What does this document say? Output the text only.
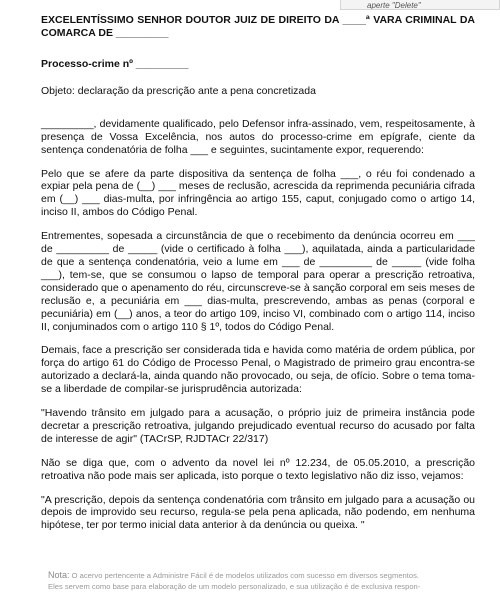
aperte "Delete"

EXCELENTÍSSIMO SENHOR DOUTOR JUIZ DE DIREITO DA ____ª VARA CRIMINAL DA COMARCA DE _________

Processo-crime nº _________

Objeto: declaração da prescrição ante a pena concretizada

_________, devidamente qualificado, pelo Defensor infra-assinado, vem, respeitosamente, à presença de Vossa Excelência, nos autos do processo-crime em epígrafe, ciente da sentença condenatória de folha ___ e seguintes, sucintamente expor, requerendo:

Pelo que se afere da parte dispositiva da sentença de folha ___, o réu foi condenado a expiar pela pena de (__) ___ meses de reclusão, acrescida da reprimenda pecuniária cifrada em (__) ___ dias-multa, por infringência ao artigo 155, caput, conjugado como o artigo 14, inciso II, ambos do Código Penal.

Entrementes, sopesada a circunstância de que o recebimento da denúncia ocorreu em ___ de _________ de _____ (vide o certificado à folha ___), aquilatada, ainda a particularidade de que a sentença condenatória, veio a lume em ___ de _________ de _____ (vide folha ___), tem-se, que se consumou o lapso de temporal para operar a prescrição retroativa, considerado que o apenamento do réu, circunscreve-se à sanção corporal em seis meses de reclusão e, a pecuniária em ___ dias-multa, prescrevendo, ambas as penas (corporal e pecuniária) em (__) anos, a teor do artigo 109, inciso VI, combinado com o artigo 114, inciso II, conjuminados com o artigo 110 § 1º, todos do Código Penal.

Demais, face a prescrição ser considerada tida e havida como matéria de ordem pública, por força do artigo 61 do Código de Processo Penal, o Magistrado de primeiro grau encontra-se autorizado a declará-la, ainda quando não provocado, ou seja, de ofício. Sobre o tema toma-se a liberdade de compilar-se jurisprudência autorizada:

"Havendo trânsito em julgado para a acusação, o próprio juiz de primeira instância pode decretar a prescrição retroativa, julgando prejudicado eventual recurso do acusado por falta de interesse de agir" (TACrSP, RJDTACr 22/317)

Não se diga que, com o advento da novel lei nº 12.234, de 05.05.2010, a prescrição retroativa não pode mais ser aplicada, isto porque o texto legislativo não diz isso, vejamos:

"A prescrição, depois da sentença condenatória com trânsito em julgado para a acusação ou depois de improvido seu recurso, regula-se pela pena aplicada, não podendo, em nenhuma hipótese, ter por termo inicial data anterior à da denúncia ou queixa. "

Nota: O acervo pertencente a Administre Fácil é de modelos utilizados com sucesso em diversos segmentos.
Eles servem como base para elaboração de um modelo personalizado, e sua utilização é de exclusiva respon-
